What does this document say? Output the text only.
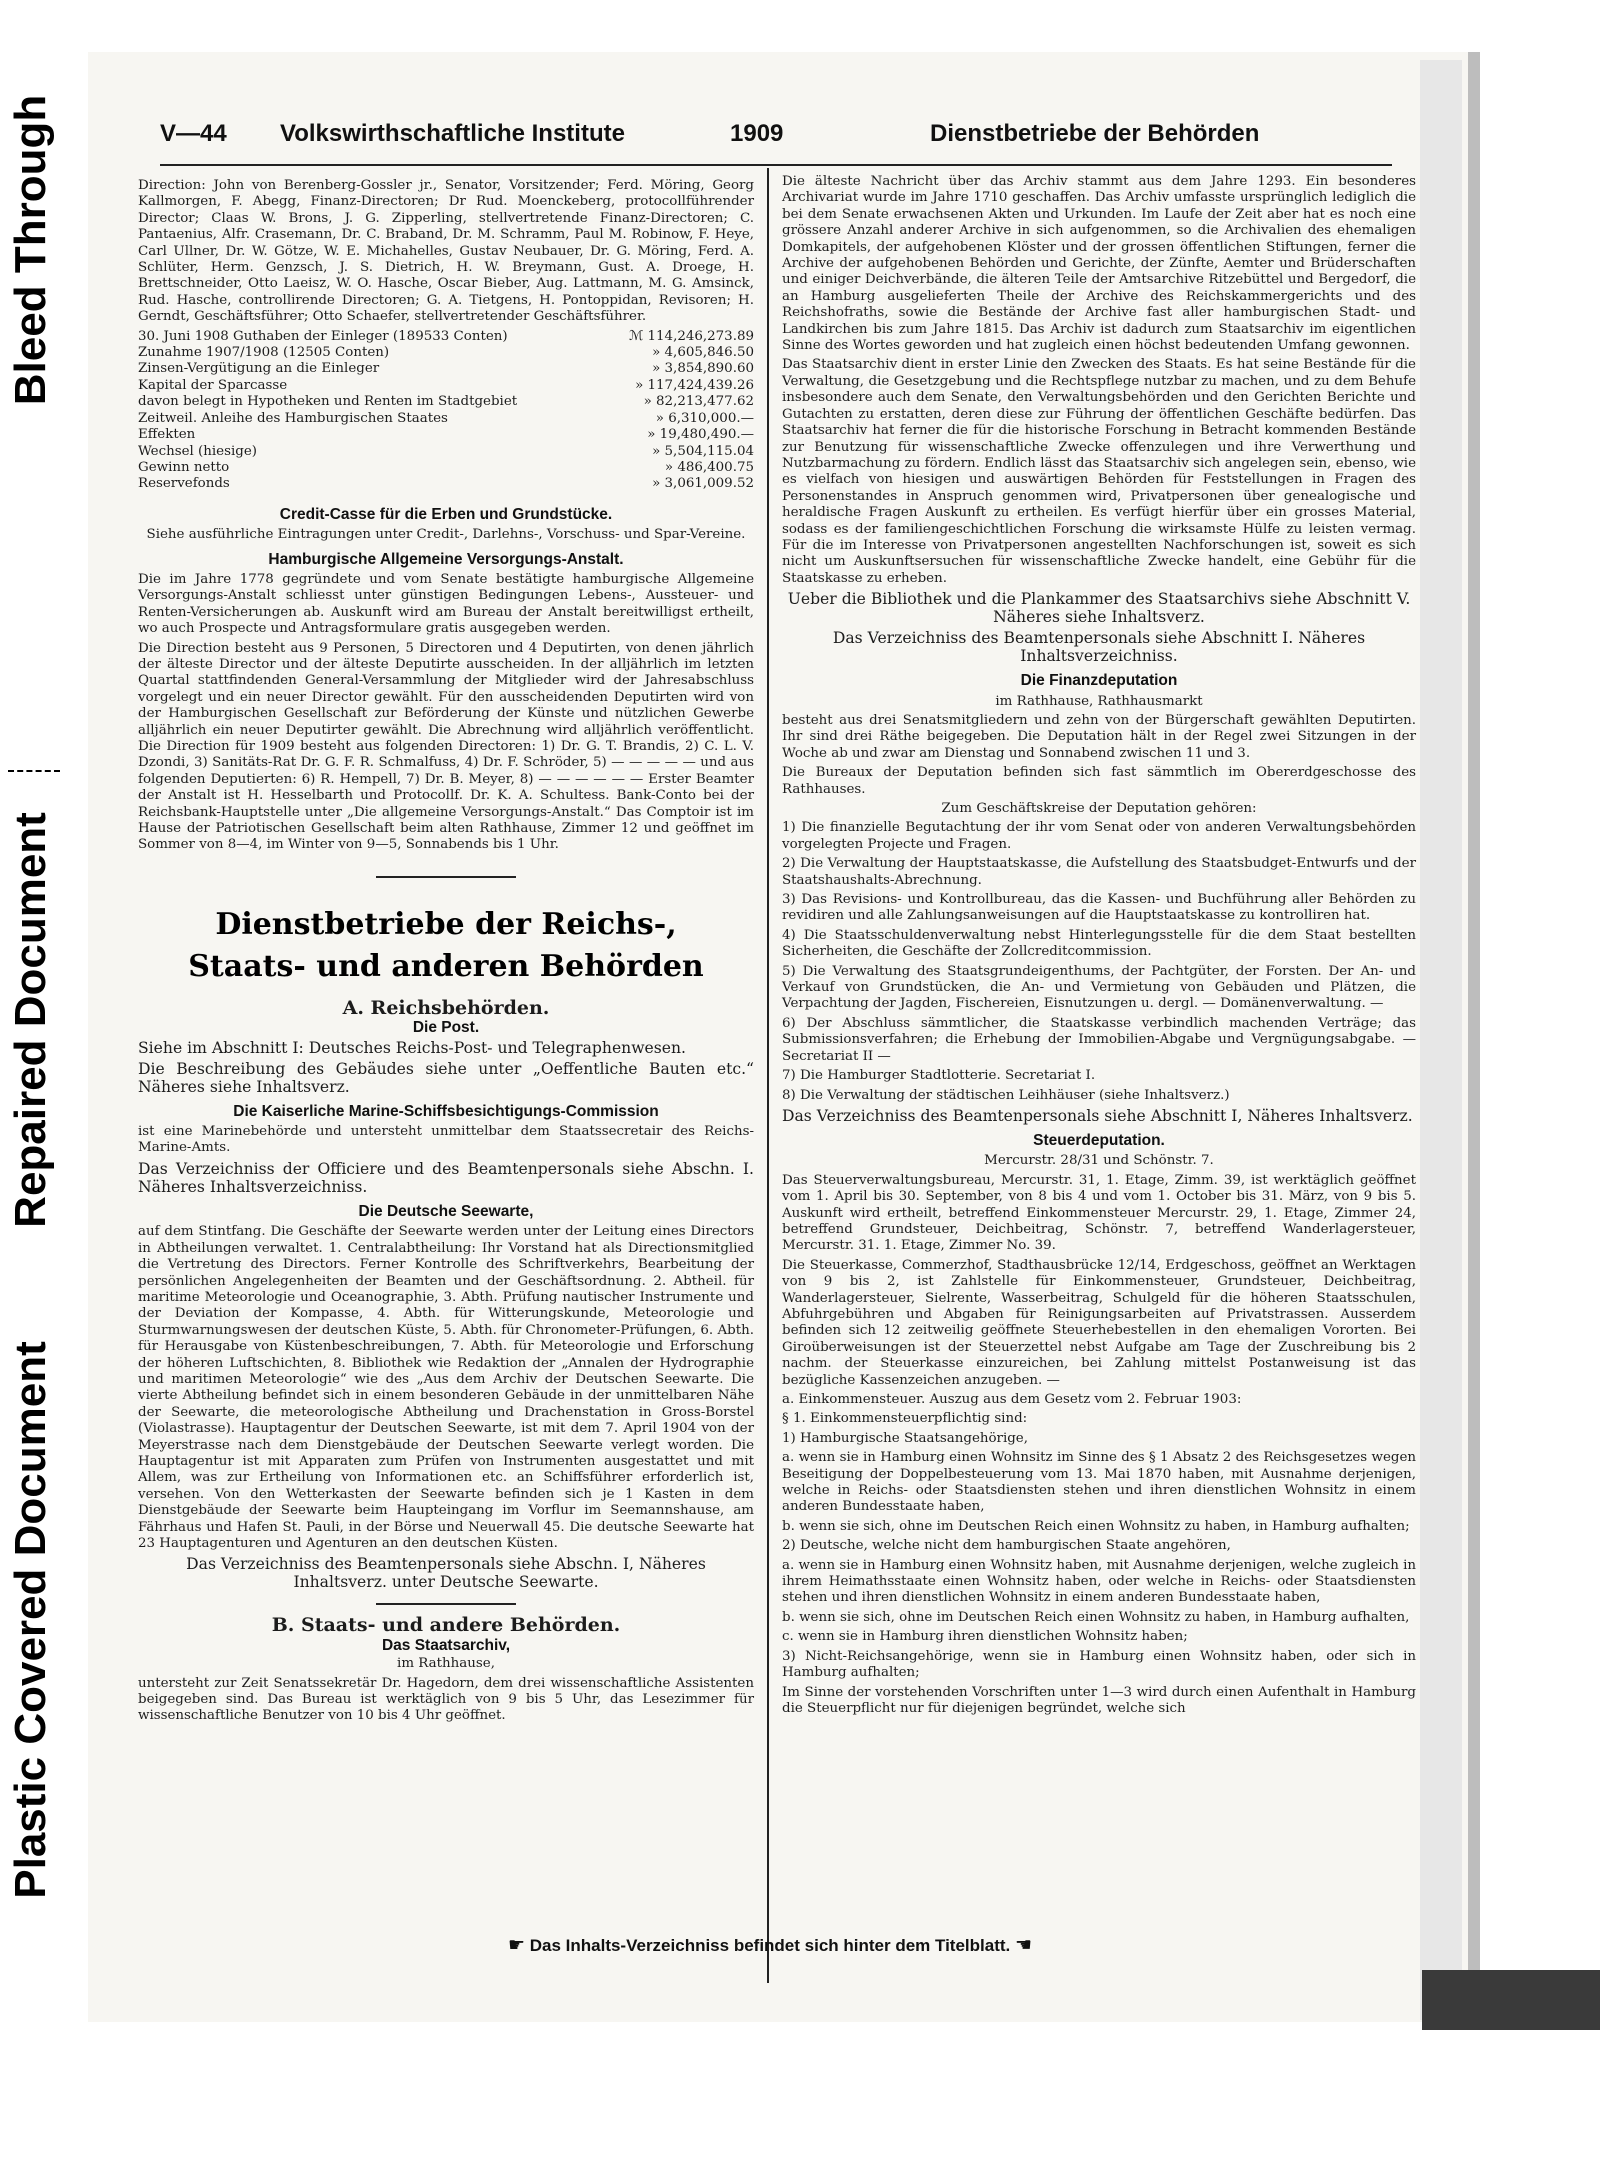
Bleed Through
Repaired Document
Plastic Covered Document
V—44 Volkswirthschaftliche Institute	1909	Dienstbetriebe der Behörden

Direction: John von Berenberg-Gossler jr., Senator, Vorsitzender; Ferd. Möring, Georg Kallmorgen, F. Abegg, Finanz-Directoren; Dr Rud. Moenckeberg, protocollführender Director; Claas W. Brons, J. G. Zipperling, stellvertretende Finanz-Directoren; C. Pantaenius, Alfr. Crasemann, Dr. C. Braband, Dr. M. Schramm, Paul M. Robinow, F. Heye, Carl Ullner, Dr. W. Götze, W. E. Michahelles, Gustav Neubauer, Dr. G. Möring, Ferd. A. Schlüter, Herm. Genzsch, J. S. Dietrich, H. W. Breymann, Gust. A. Droege, H. Brettschneider, Otto Laeisz, W. O. Hasche, Oscar Bieber, Aug. Lattmann, M. G. Amsinck, Rud. Hasche, controllirende Directoren; G. A. Tietgens, H. Pontoppidan, Revisoren; H. Gerndt, Geschäftsführer; Otto Schaefer, stellvertretender Geschäftsführer.

30. Juni 1908 Guthaben der Einleger (189533 Conten)	ℳ 114,246,273.89
Zunahme 1907/1908 (12505 Conten)	» 4,605,846.50
Zinsen-Vergütigung an die Einleger	» 3,854,890.60
Kapital der Sparcasse	» 117,424,439.26
davon belegt in Hypotheken und Renten im Stadtgebiet	» 82,213,477.62
Zeitweil. Anleihe des Hamburgischen Staates	» 6,310,000.—
Effekten	» 19,480,490.—
Wechsel (hiesige)	» 5,504,115.04
Gewinn netto	» 486,400.75
Reservefonds	» 3,061,009.52
Credit-Casse für die Erben und Grundstücke.

Siehe ausführliche Eintragungen unter Credit-, Darlehns-, Vorschuss- und Spar-Vereine.

Hamburgische Allgemeine Versorgungs-Anstalt.

Die im Jahre 1778 gegründete und vom Senate bestätigte hamburgische Allgemeine Versorgungs-Anstalt schliesst unter günstigen Bedingungen Lebens-, Aussteuer- und Renten-Versicherungen ab. Auskunft wird am Bureau der Anstalt bereitwilligst ertheilt, wo auch Prospecte und Antragsformulare gratis ausgegeben werden.

Die Direction besteht aus 9 Personen, 5 Directoren und 4 Deputirten, von denen jährlich der älteste Director und der älteste Deputirte ausscheiden. In der alljährlich im letzten Quartal stattfindenden General-Versammlung der Mitglieder wird der Jahresabschluss vorgelegt und ein neuer Director gewählt. Für den ausscheidenden Deputirten wird von der Hamburgischen Gesellschaft zur Beförderung der Künste und nützlichen Gewerbe alljährlich ein neuer Deputirter gewählt. Die Abrechnung wird alljährlich veröffentlicht. Die Direction für 1909 besteht aus folgenden Directoren: 1) Dr. G. T. Brandis, 2) C. L. V. Dzondi, 3) Sanitäts-Rat Dr. G. F. R. Schmalfuss, 4) Dr. F. Schröder, 5) — — — — — und aus folgenden Deputierten: 6) R. Hempell, 7) Dr. B. Meyer, 8) — — — — — — Erster Beamter der Anstalt ist H. Hesselbarth und Protocollf. Dr. K. A. Schultess. Bank-Conto bei der Reichsbank-Hauptstelle unter „Die allgemeine Versorgungs-Anstalt.“ Das Comptoir ist im Hause der Patriotischen Gesellschaft beim alten Rathhause, Zimmer 12 und geöffnet im Sommer von 8—4, im Winter von 9—5, Sonnabends bis 1 Uhr.

Dienstbetriebe der Reichs-,
Staats- und anderen Behörden
A. Reichsbehörden.
Die Post.

Siehe im Abschnitt I: Deutsches Reichs-Post- und Telegraphenwesen.

Die Beschreibung des Gebäudes siehe unter „Oeffentliche Bauten etc.“ Näheres siehe Inhaltsverz.

Die Kaiserliche Marine-Schiffsbesichtigungs-Commission

ist eine Marinebehörde und untersteht unmittelbar dem Staatssecretair des Reichs-Marine-Amts.

Das Verzeichniss der Officiere und des Beamtenpersonals siehe Abschn. I. Näheres Inhaltsverzeichniss.

Die Deutsche Seewarte,

auf dem Stintfang. Die Geschäfte der Seewarte werden unter der Leitung eines Directors in Abtheilungen verwaltet. 1. Centralabtheilung: Ihr Vorstand hat als Directionsmitglied die Vertretung des Directors. Ferner Kontrolle des Schriftverkehrs, Bearbeitung der persönlichen Angelegenheiten der Beamten und der Geschäftsordnung. 2. Abtheil. für maritime Meteorologie und Oceanographie, 3. Abth. Prüfung nautischer Instrumente und der Deviation der Kompasse, 4. Abth. für Witterungskunde, Meteorologie und Sturmwarnungswesen der deutschen Küste, 5. Abth. für Chronometer-Prüfungen, 6. Abth. für Herausgabe von Küstenbeschreibungen, 7. Abth. für Meteorologie und Erforschung der höheren Luftschichten, 8. Bibliothek wie Redaktion der „Annalen der Hydrographie und maritimen Meteorologie“ wie des „Aus dem Archiv der Deutschen Seewarte. Die vierte Abtheilung befindet sich in einem besonderen Gebäude in der unmittelbaren Nähe der Seewarte, die meteorologische Abtheilung und Drachenstation in Gross-Borstel (Violastrasse). Hauptagentur der Deutschen Seewarte, ist mit dem 7. April 1904 von der Meyerstrasse nach dem Dienstgebäude der Deutschen Seewarte verlegt worden. Die Hauptagentur ist mit Apparaten zum Prüfen von Instrumenten ausgestattet und mit Allem, was zur Ertheilung von Informationen etc. an Schiffsführer erforderlich ist, versehen. Von den Wetterkasten der Seewarte befinden sich je 1 Kasten in dem Dienstgebäude der Seewarte beim Haupteingang im Vorflur im Seemannshause, am Fährhaus und Hafen St. Pauli, in der Börse und Neuerwall 45. Die deutsche Seewarte hat 23 Hauptagenturen und Agenturen an den deutschen Küsten.

Das Verzeichniss des Beamtenpersonals siehe Abschn. I, Näheres Inhaltsverz. unter Deutsche Seewarte.

B. Staats- und andere Behörden.
Das Staatsarchiv,

im Rathhause,

untersteht zur Zeit Senatssekretär Dr. Hagedorn, dem drei wissenschaftliche Assistenten beigegeben sind. Das Bureau ist werktäglich von 9 bis 5 Uhr, das Lesezimmer für wissenschaftliche Benutzer von 10 bis 4 Uhr geöffnet.

Die älteste Nachricht über das Archiv stammt aus dem Jahre 1293. Ein besonderes Archivariat wurde im Jahre 1710 geschaffen. Das Archiv umfasste ursprünglich lediglich die bei dem Senate erwachsenen Akten und Urkunden. Im Laufe der Zeit aber hat es noch eine grössere Anzahl anderer Archive in sich aufgenommen, so die Archivalien des ehemaligen Domkapitels, der aufgehobenen Klöster und der grossen öffentlichen Stiftungen, ferner die Archive der aufgehobenen Behörden und Gerichte, der Zünfte, Aemter und Brüderschaften und einiger Deichverbände, die älteren Teile der Amtsarchive Ritzebüttel und Bergedorf, die an Hamburg ausgelieferten Theile der Archive des Reichskammergerichts und des Reichshofraths, sowie die Bestände der Archive fast aller hamburgischen Stadt- und Landkirchen bis zum Jahre 1815. Das Archiv ist dadurch zum Staatsarchiv im eigentlichen Sinne des Wortes geworden und hat zugleich einen höchst bedeutenden Umfang gewonnen.

Das Staatsarchiv dient in erster Linie den Zwecken des Staats. Es hat seine Bestände für die Verwaltung, die Gesetzgebung und die Rechtspflege nutzbar zu machen, und zu dem Behufe insbesondere auch dem Senate, den Verwaltungsbehörden und den Gerichten Berichte und Gutachten zu erstatten, deren diese zur Führung der öffentlichen Geschäfte bedürfen. Das Staatsarchiv hat ferner die für die historische Forschung in Betracht kommenden Bestände zur Benutzung für wissenschaftliche Zwecke offenzulegen und ihre Verwerthung und Nutzbarmachung zu fördern. Endlich lässt das Staatsarchiv sich angelegen sein, ebenso, wie es vielfach von hiesigen und auswärtigen Behörden für Feststellungen in Fragen des Personenstandes in Anspruch genommen wird, Privatpersonen über genealogische und heraldische Fragen Auskunft zu ertheilen. Es verfügt hierfür über ein grosses Material, sodass es der familiengeschichtlichen Forschung die wirksamste Hülfe zu leisten vermag. Für die im Interesse von Privatpersonen angestellten Nachforschungen ist, soweit es sich nicht um Auskunftsersuchen für wissenschaftliche Zwecke handelt, eine Gebühr für die Staatskasse zu erheben.

Ueber die Bibliothek und die Plankammer des Staatsarchivs siehe Abschnitt V. Näheres siehe Inhaltsverz.

Das Verzeichniss des Beamtenpersonals siehe Abschnitt I. Näheres Inhaltsverzeichniss.

Die Finanzdeputation

im Rathhause, Rathhausmarkt

besteht aus drei Senatsmitgliedern und zehn von der Bürgerschaft gewählten Deputirten. Ihr sind drei Räthe beigegeben. Die Deputation hält in der Regel zwei Sitzungen in der Woche ab und zwar am Dienstag und Sonnabend zwischen 11 und 3.

Die Bureaux der Deputation befinden sich fast sämmtlich im Obererdgeschosse des Rathhauses.

Zum Geschäftskreise der Deputation gehören:

1) Die finanzielle Begutachtung der ihr vom Senat oder von anderen Verwaltungsbehörden vorgelegten Projecte und Fragen.

2) Die Verwaltung der Hauptstaatskasse, die Aufstellung des Staatsbudget-Entwurfs und der Staatshaushalts-Abrechnung.

3) Das Revisions- und Kontrollbureau, das die Kassen- und Buchführung aller Behörden zu revidiren und alle Zahlungsanweisungen auf die Hauptstaatskasse zu kontrolliren hat.

4) Die Staatsschuldenverwaltung nebst Hinterlegungsstelle für die dem Staat bestellten Sicherheiten, die Geschäfte der Zollcreditcommission.

5) Die Verwaltung des Staatsgrundeigenthums, der Pachtgüter, der Forsten. Der An- und Verkauf von Grundstücken, die An- und Vermietung von Gebäuden und Plätzen, die Verpachtung der Jagden, Fischereien, Eisnutzungen u. dergl. — Domänenverwaltung. —

6) Der Abschluss sämmtlicher, die Staatskasse verbindlich machenden Verträge; das Submissionsverfahren; die Erhebung der Immobilien-Abgabe und Vergnügungsabgabe. — Secretariat II —

7) Die Hamburger Stadtlotterie. Secretariat I.

8) Die Verwaltung der städtischen Leihhäuser (siehe Inhaltsverz.)

Das Verzeichniss des Beamtenpersonals siehe Abschnitt I, Näheres Inhaltsverz.

Steuerdeputation.

Mercurstr. 28/31 und Schönstr. 7.

Das Steuerverwaltungsbureau, Mercurstr. 31, 1. Etage, Zimm. 39, ist werktäglich geöffnet vom 1. April bis 30. September, von 8 bis 4 und vom 1. October bis 31. März, von 9 bis 5. Auskunft wird ertheilt, betreffend Einkommensteuer Mercurstr. 29, 1. Etage, Zimmer 24, betreffend Grundsteuer, Deichbeitrag, Schönstr. 7, betreffend Wanderlagersteuer, Mercurstr. 31. 1. Etage, Zimmer No. 39.

Die Steuerkasse, Commerzhof, Stadthausbrücke 12/14, Erdgeschoss, geöffnet an Werktagen von 9 bis 2, ist Zahlstelle für Einkommensteuer, Grundsteuer, Deichbeitrag, Wanderlagersteuer, Sielrente, Wasserbeitrag, Schulgeld für die höheren Staatsschulen, Abfuhrgebühren und Abgaben für Reinigungsarbeiten auf Privatstrassen. Ausserdem befinden sich 12 zeitweilig geöffnete Steuerhebestellen in den ehemaligen Vororten. Bei Giroüberweisungen ist der Steuerzettel nebst Aufgabe am Tage der Zuschreibung bis 2 nachm. der Steuerkasse einzureichen, bei Zahlung mittelst Postanweisung ist das bezügliche Kassenzeichen anzugeben. —

a. Einkommensteuer. Auszug aus dem Gesetz vom 2. Februar 1903:

§ 1. Einkommensteuerpflichtig sind:

1) Hamburgische Staatsangehörige,

a. wenn sie in Hamburg einen Wohnsitz im Sinne des § 1 Absatz 2 des Reichsgesetzes wegen Beseitigung der Doppelbesteuerung vom 13. Mai 1870 haben, mit Ausnahme derjenigen, welche in Reichs- oder Staatsdiensten stehen und ihren dienstlichen Wohnsitz in einem anderen Bundesstaate haben,

b. wenn sie sich, ohne im Deutschen Reich einen Wohnsitz zu haben, in Hamburg aufhalten;

2) Deutsche, welche nicht dem hamburgischen Staate angehören,

a. wenn sie in Hamburg einen Wohnsitz haben, mit Ausnahme derjenigen, welche zugleich in ihrem Heimathsstaate einen Wohnsitz haben, oder welche in Reichs- oder Staatsdiensten stehen und ihren dienstlichen Wohnsitz in einem anderen Bundesstaate haben,

b. wenn sie sich, ohne im Deutschen Reich einen Wohnsitz zu haben, in Hamburg aufhalten,

c. wenn sie in Hamburg ihren dienstlichen Wohnsitz haben;

3) Nicht-Reichsangehörige, wenn sie in Hamburg einen Wohnsitz haben, oder sich in Hamburg aufhalten;

Im Sinne der vorstehenden Vorschriften unter 1—3 wird durch einen Aufenthalt in Hamburg die Steuerpflicht nur für diejenigen begründet, welche sich

☛ Das Inhalts-Verzeichniss befindet sich hinter dem Titelblatt. ☚
